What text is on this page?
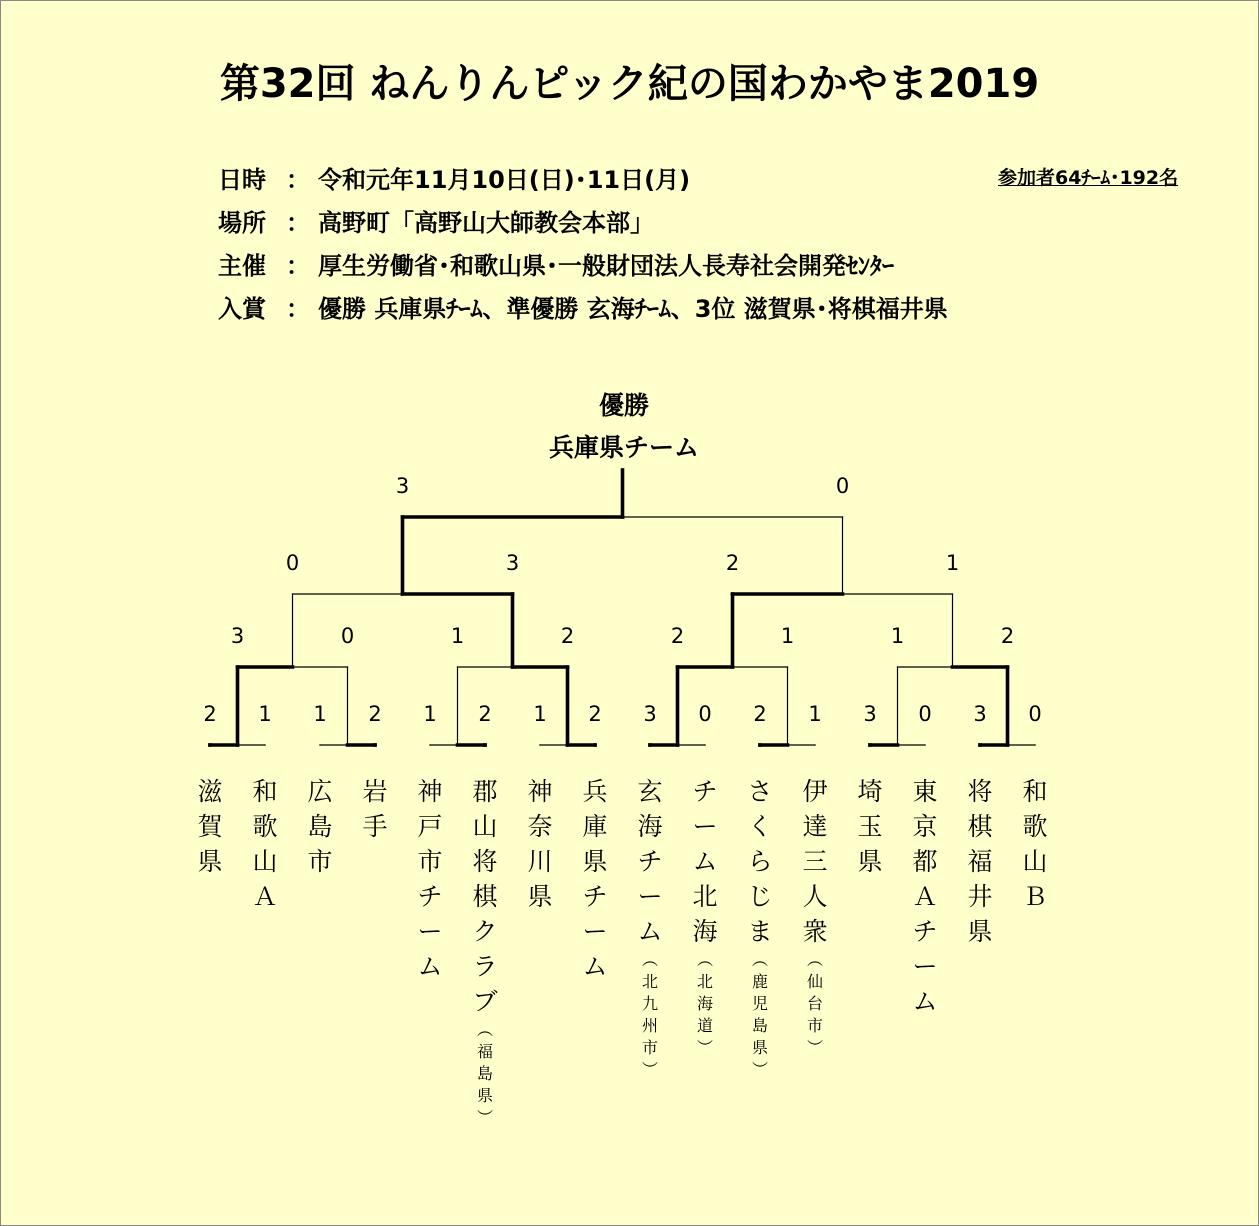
第32回 ねんりんピック紀の国わかやま2019
日時 ： 令和元年11月10日(日)･11日(月)
場所 ： 高野町「高野山大師教会本部」
主催 ： 厚生労働省･和歌山県･一般財団法人長寿社会開発ｾﾝﾀｰ
入賞 ： 優勝 兵庫県ﾁｰﾑ、準優勝 玄海ﾁｰﾑ、3位 滋賀県･将棋福井県
参加者64ﾁｰﾑ･192名
優勝
兵庫県チーム
2 1 1 2 1 2 1 2 3 0 2 1 3 0 3 0
3	0	1	2	2	1	1	2
0	3	2	1
3	0
滋
賀
県
和
歌
山
Ａ
広
島
市
岩
手
神
戸
市
チ
ー
ム
郡
山
将
棋
ク
ラ
ブ
（
福
島
県
）
神
奈
川
県
兵
庫
県
チ
ー
ム
玄
海
チ
ー
ム
（
北
九
州
市
）
チ
ー
ム
北
海
（
北
海
道
）
さ
く
ら
じ
ま
（
鹿
児
島
県
）
伊
達
三
人
衆
（
仙
台
市
）
埼
玉
県
東
京
都
Ａ
チ
ー
ム
将
棋
福
井
県
和
歌
山
Ｂ
